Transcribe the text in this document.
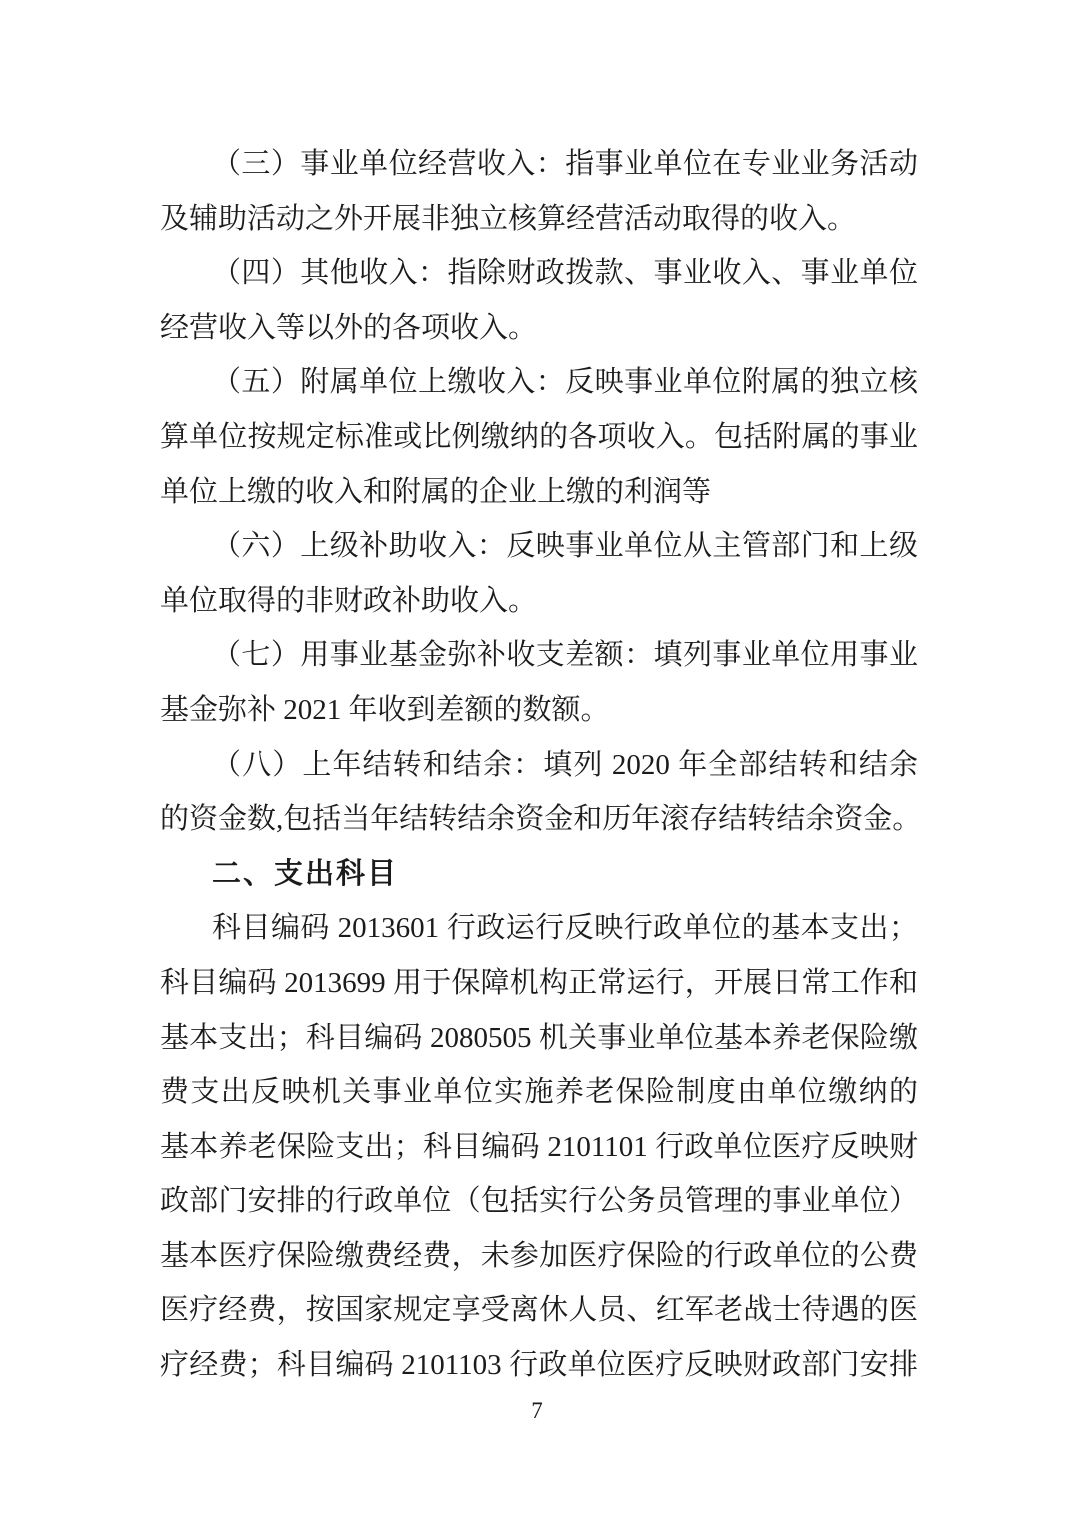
（三）事业单位经营收入：指事业单位在专业业务活动
及辅助活动之外开展非独立核算经营活动取得的收入。
（四）其他收入：指除财政拨款、事业收入、事业单位
经营收入等以外的各项收入。
（五）附属单位上缴收入：反映事业单位附属的独立核
算单位按规定标准或比例缴纳的各项收入。包括附属的事业
单位上缴的收入和附属的企业上缴的利润等
（六）上级补助收入：反映事业单位从主管部门和上级
单位取得的非财政补助收入。
（七）用事业基金弥补收支差额：填列事业单位用事业
基金弥补 2021 年收到差额的数额。
（八）上年结转和结余：填列 2020 年全部结转和结余
的资金数,包括当年结转结余资金和历年滚存结转结余资金。
二、支出科目
科目编码 2013601 行政运行反映行政单位的基本支出；
科目编码 2013699 用于保障机构正常运行，开展日常工作和
基本支出；科目编码 2080505 机关事业单位基本养老保险缴
费支出反映机关事业单位实施养老保险制度由单位缴纳的
基本养老保险支出；科目编码 2101101 行政单位医疗反映财
政部门安排的行政单位（包括实行公务员管理的事业单位）
基本医疗保险缴费经费，未参加医疗保险的行政单位的公费
医疗经费，按国家规定享受离休人员、红军老战士待遇的医
疗经费；科目编码 2101103 行政单位医疗反映财政部门安排
7
